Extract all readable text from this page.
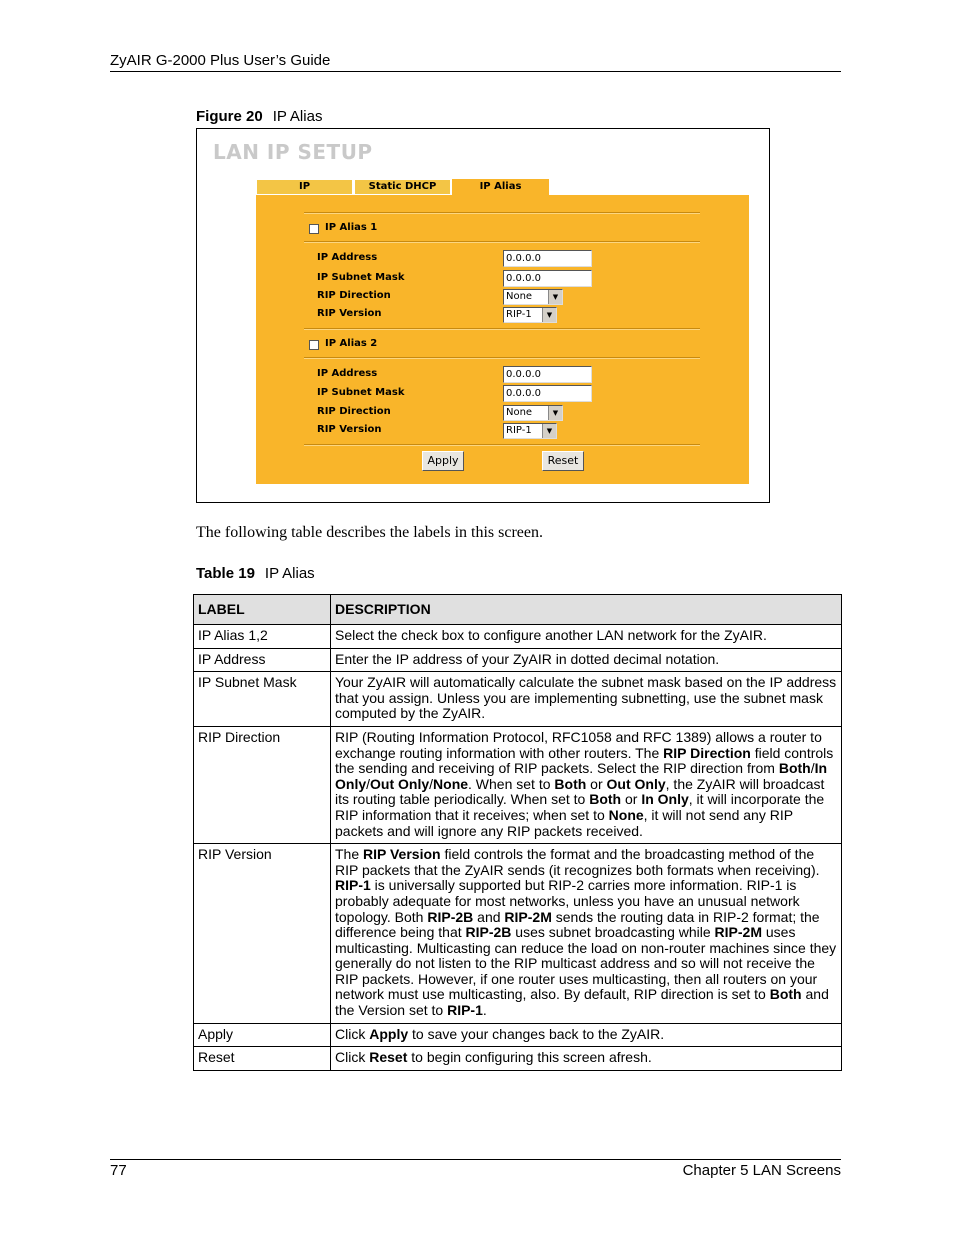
ZyAIR G-2000 Plus User’s Guide
Figure 20 IP Alias
LAN IP SETUP
IP	Static DHCP	IP Alias
IP Alias 1
IP Address	0.0.0.0
IP Subnet Mask	0.0.0.0
RIP Direction	None	▼
RIP Version	RIP-1	▼
IP Alias 2
IP Address	0.0.0.0
IP Subnet Mask	0.0.0.0
RIP Direction	None	▼
RIP Version	RIP-1	▼
Apply	Reset
The following table describes the labels in this screen.
Table 19 IP Alias
LABEL	DESCRIPTION
IP Alias 1,2	Select the check box to configure another LAN network for the ZyAIR.
IP Address	Enter the IP address of your ZyAIR in dotted decimal notation.
IP Subnet Mask	Your ZyAIR will automatically calculate the subnet mask based on the IP address that you assign. Unless you are implementing subnetting, use the subnet mask computed by the ZyAIR.
RIP Direction	RIP (Routing Information Protocol, RFC1058 and RFC 1389) allows a router to exchange routing information with other routers. The RIP Direction field controls the sending and receiving of RIP packets. Select the RIP direction from Both/In Only/Out Only/None. When set to Both or Out Only, the ZyAIR will broadcast its routing table periodically. When set to Both or In Only, it will incorporate the RIP information that it receives; when set to None, it will not send any RIP packets and will ignore any RIP packets received.
RIP Version	The RIP Version field controls the format and the broadcasting method of the RIP packets that the ZyAIR sends (it recognizes both formats when receiving). RIP-1 is universally supported but RIP-2 carries more information. RIP-1 is probably adequate for most networks, unless you have an unusual network topology. Both RIP-2B and RIP-2M sends the routing data in RIP-2 format; the difference being that RIP-2B uses subnet broadcasting while RIP-2M uses multicasting. Multicasting can reduce the load on non-router machines since they generally do not listen to the RIP multicast address and so will not receive the RIP packets. However, if one router uses multicasting, then all routers on your network must use multicasting, also. By default, RIP direction is set to Both and the Version set to RIP-1.
Apply	Click Apply to save your changes back to the ZyAIR.
Reset	Click Reset to begin configuring this screen afresh.
77	Chapter 5 LAN Screens
